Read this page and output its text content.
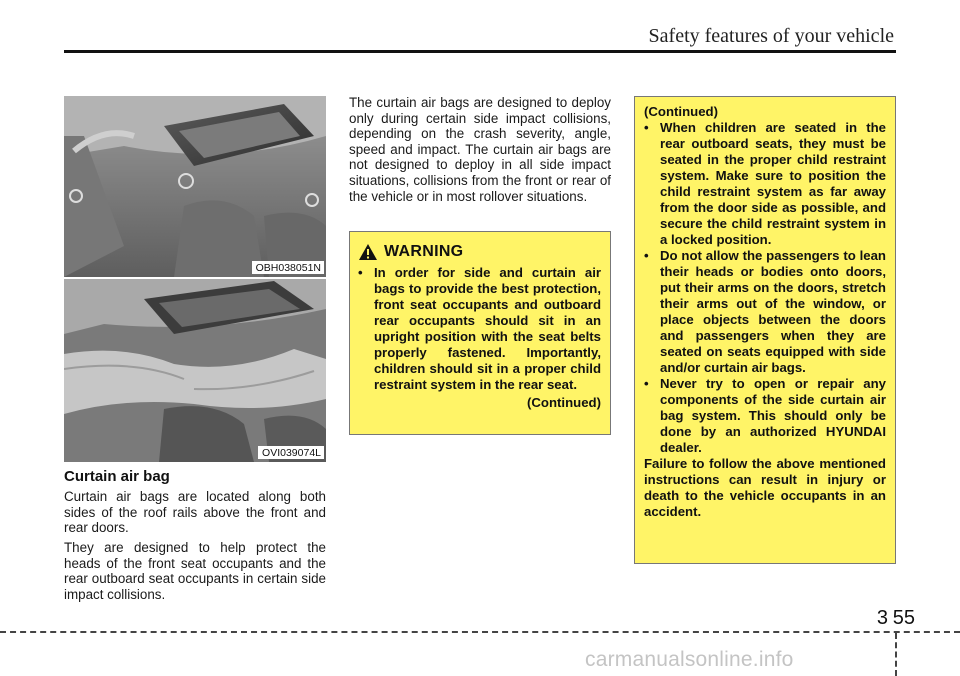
Safety features of your vehicle
OBH038051N
OVI039074L
Curtain air bag

Curtain air bags are located along both sides of the roof rails above the front and rear doors.

They are designed to help protect the heads of the front seat occupants and the rear outboard seat occupants in certain side impact collisions.

The curtain air bags are designed to deploy only during certain side impact collisions, depending on the crash severity, angle, speed and impact. The curtain air bags are not designed to deploy in all side impact situations, collisions from the front or rear of the vehicle or in most rollover situations.

WARNING
• In order for side and curtain air bags to provide the best protection, front seat occupants and outboard rear occupants should sit in an upright position with the seat belts properly fastened. Importantly, children should sit in a proper child restraint system in the rear seat.
(Continued)
(Continued)
• When children are seated in the rear outboard seats, they must be seated in the proper child restraint system. Make sure to position the child restraint system as far away from the door side as possible, and secure the child restraint system in a locked position.
• Do not allow the passengers to lean their heads or bodies onto doors, put their arms on the doors, stretch their arms out of the window, or place objects between the doors and passengers when they are seated on seats equipped with side and/or curtain air bags.
• Never try to open or repair any components of the side curtain air bag system. This should only be done by an authorized HYUNDAI dealer.
Failure to follow the above mentioned instructions can result in injury or death to the vehicle occupants in an accident.
3 55
carmanualsonline.info
